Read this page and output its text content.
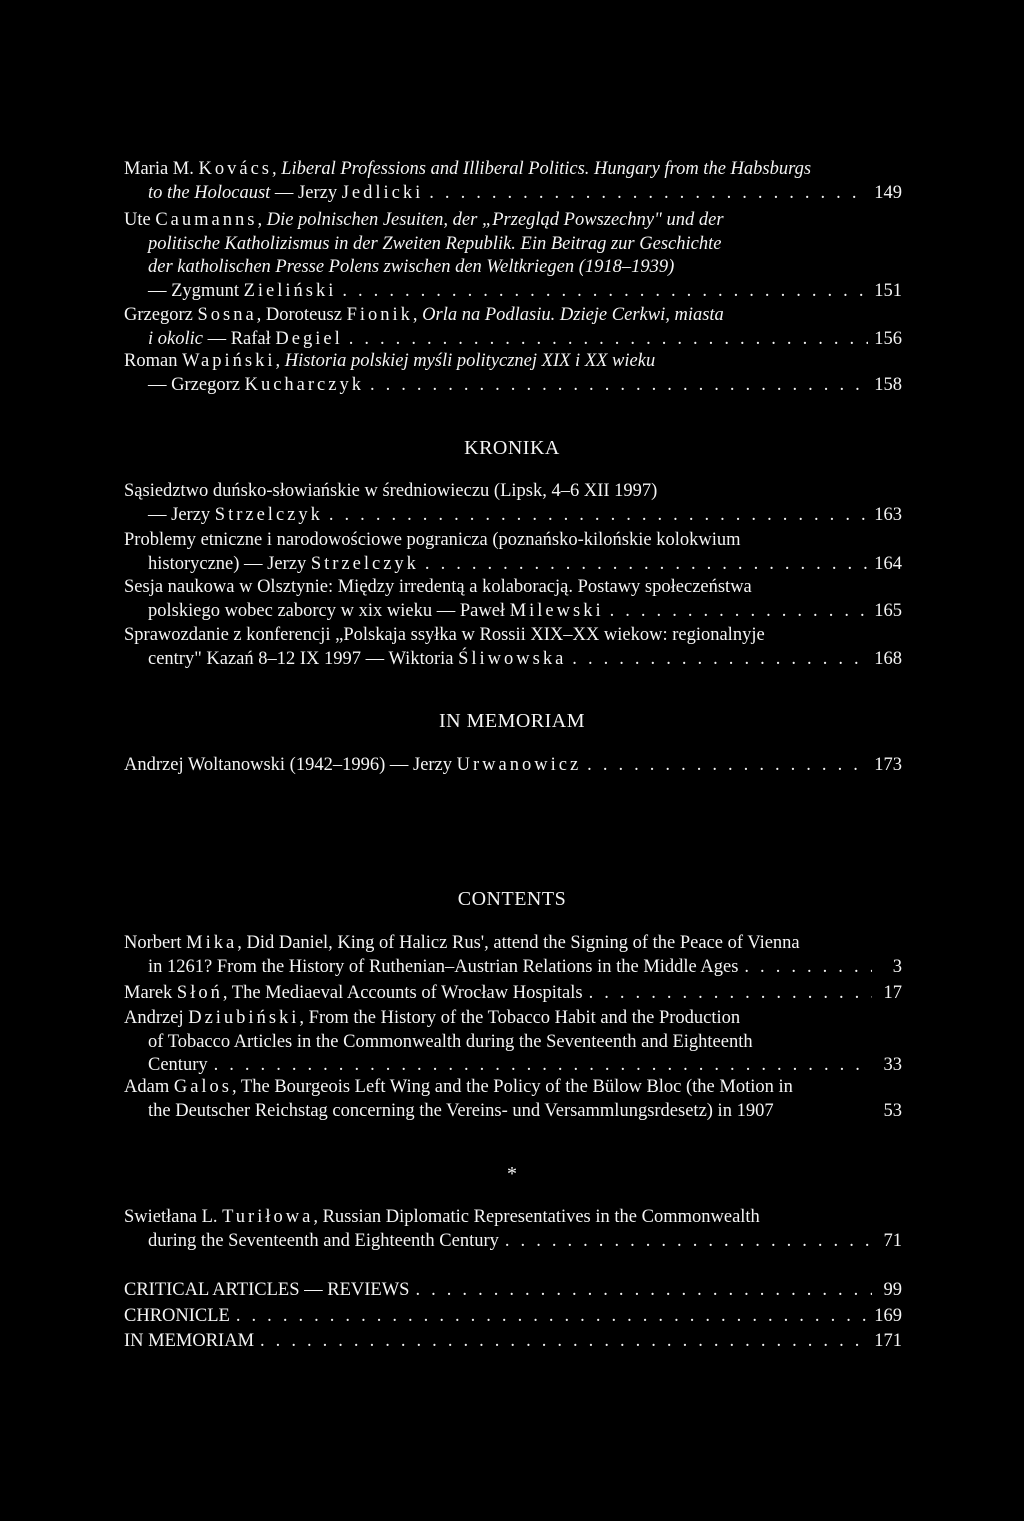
Maria M.
Kovács , Liberal Professions and Illiberal Politics. Hungary from the Habsburgs
to the Holocaust — Jerzy
Jedlicki . . .	149
Ute
Caumanns , Die polnischen Jesuiten, der „Przegląd Powszechny" und der
politische Katholizismus in der Zweiten Republik. Ein Beitrag zur Geschichte
der katholischen Presse Polens zwischen den Weltkriegen (1918–1939)
— Zygmunt
Zieliński . . .	151
Grzegorz
Sosna , Doroteusz
Fionik , Orla na Podlasiu. Dzieje Cerkwi, miasta
i okolic — Rafał
Degiel . . .	156
Roman
Wapiński , Historia polskiej myśli politycznej XIX i XX wieku
— Grzegorz
Kucharczyk . . .	158
KRONIKA
Sąsiedztwo duńsko-słowiańskie w średniowieczu (Lipsk, 4–6 XII 1997)
— Jerzy
Strzelczyk . . .	163
Problemy etniczne i narodowościowe pogranicza (poznańsko-kilońskie kolokwium
historyczne) — Jerzy
Strzelczyk . . .	164
Sesja naukowa w Olsztynie: Między irredentą a kolaboracją. Postawy społeczeństwa
polskiego wobec zaborcy w xix wieku — Paweł
Milewski . . .	165
Sprawozdanie z konferencji „Polskaja ssyłka w Rossii XIX–XX wiekow: regionalnyje
centry" Kazań 8–12 IX 1997 — Wiktoria
Śliwowska . . .	168
IN MEMORIAM
Andrzej Woltanowski (1942–1996) — Jerzy
Urwanowicz . . .	173
CONTENTS
Norbert
Mika , Did Daniel, King of Halicz Rus', attend the Signing of the Peace of Vienna
in 1261? From the History of Ruthenian–Austrian Relations in the Middle Ages . . .	3
Marek
Słoń , The Mediaeval Accounts of Wrocław Hospitals . . .	17
Andrzej
Dziubiński , From the History of the Tobacco Habit and the Production
of Tobacco Articles in the Commonwealth during the Seventeenth and Eighteenth
Century . . .	33
Adam
Galos , The Bourgeois Left Wing and the Policy of the Bülow Bloc (the Motion in
the Deutscher Reichstag concerning the Vereins- und Versammlungsrdesetz) in 1907	53
*
Swietłana L.
Turiłowa , Russian Diplomatic Representatives in the Commonwealth
during the Seventeenth and Eighteenth Century . . .	71
CRITICAL ARTICLES — REVIEWS . . .	99
CHRONICLE . . .	169
IN MEMORIAM . . .	171
